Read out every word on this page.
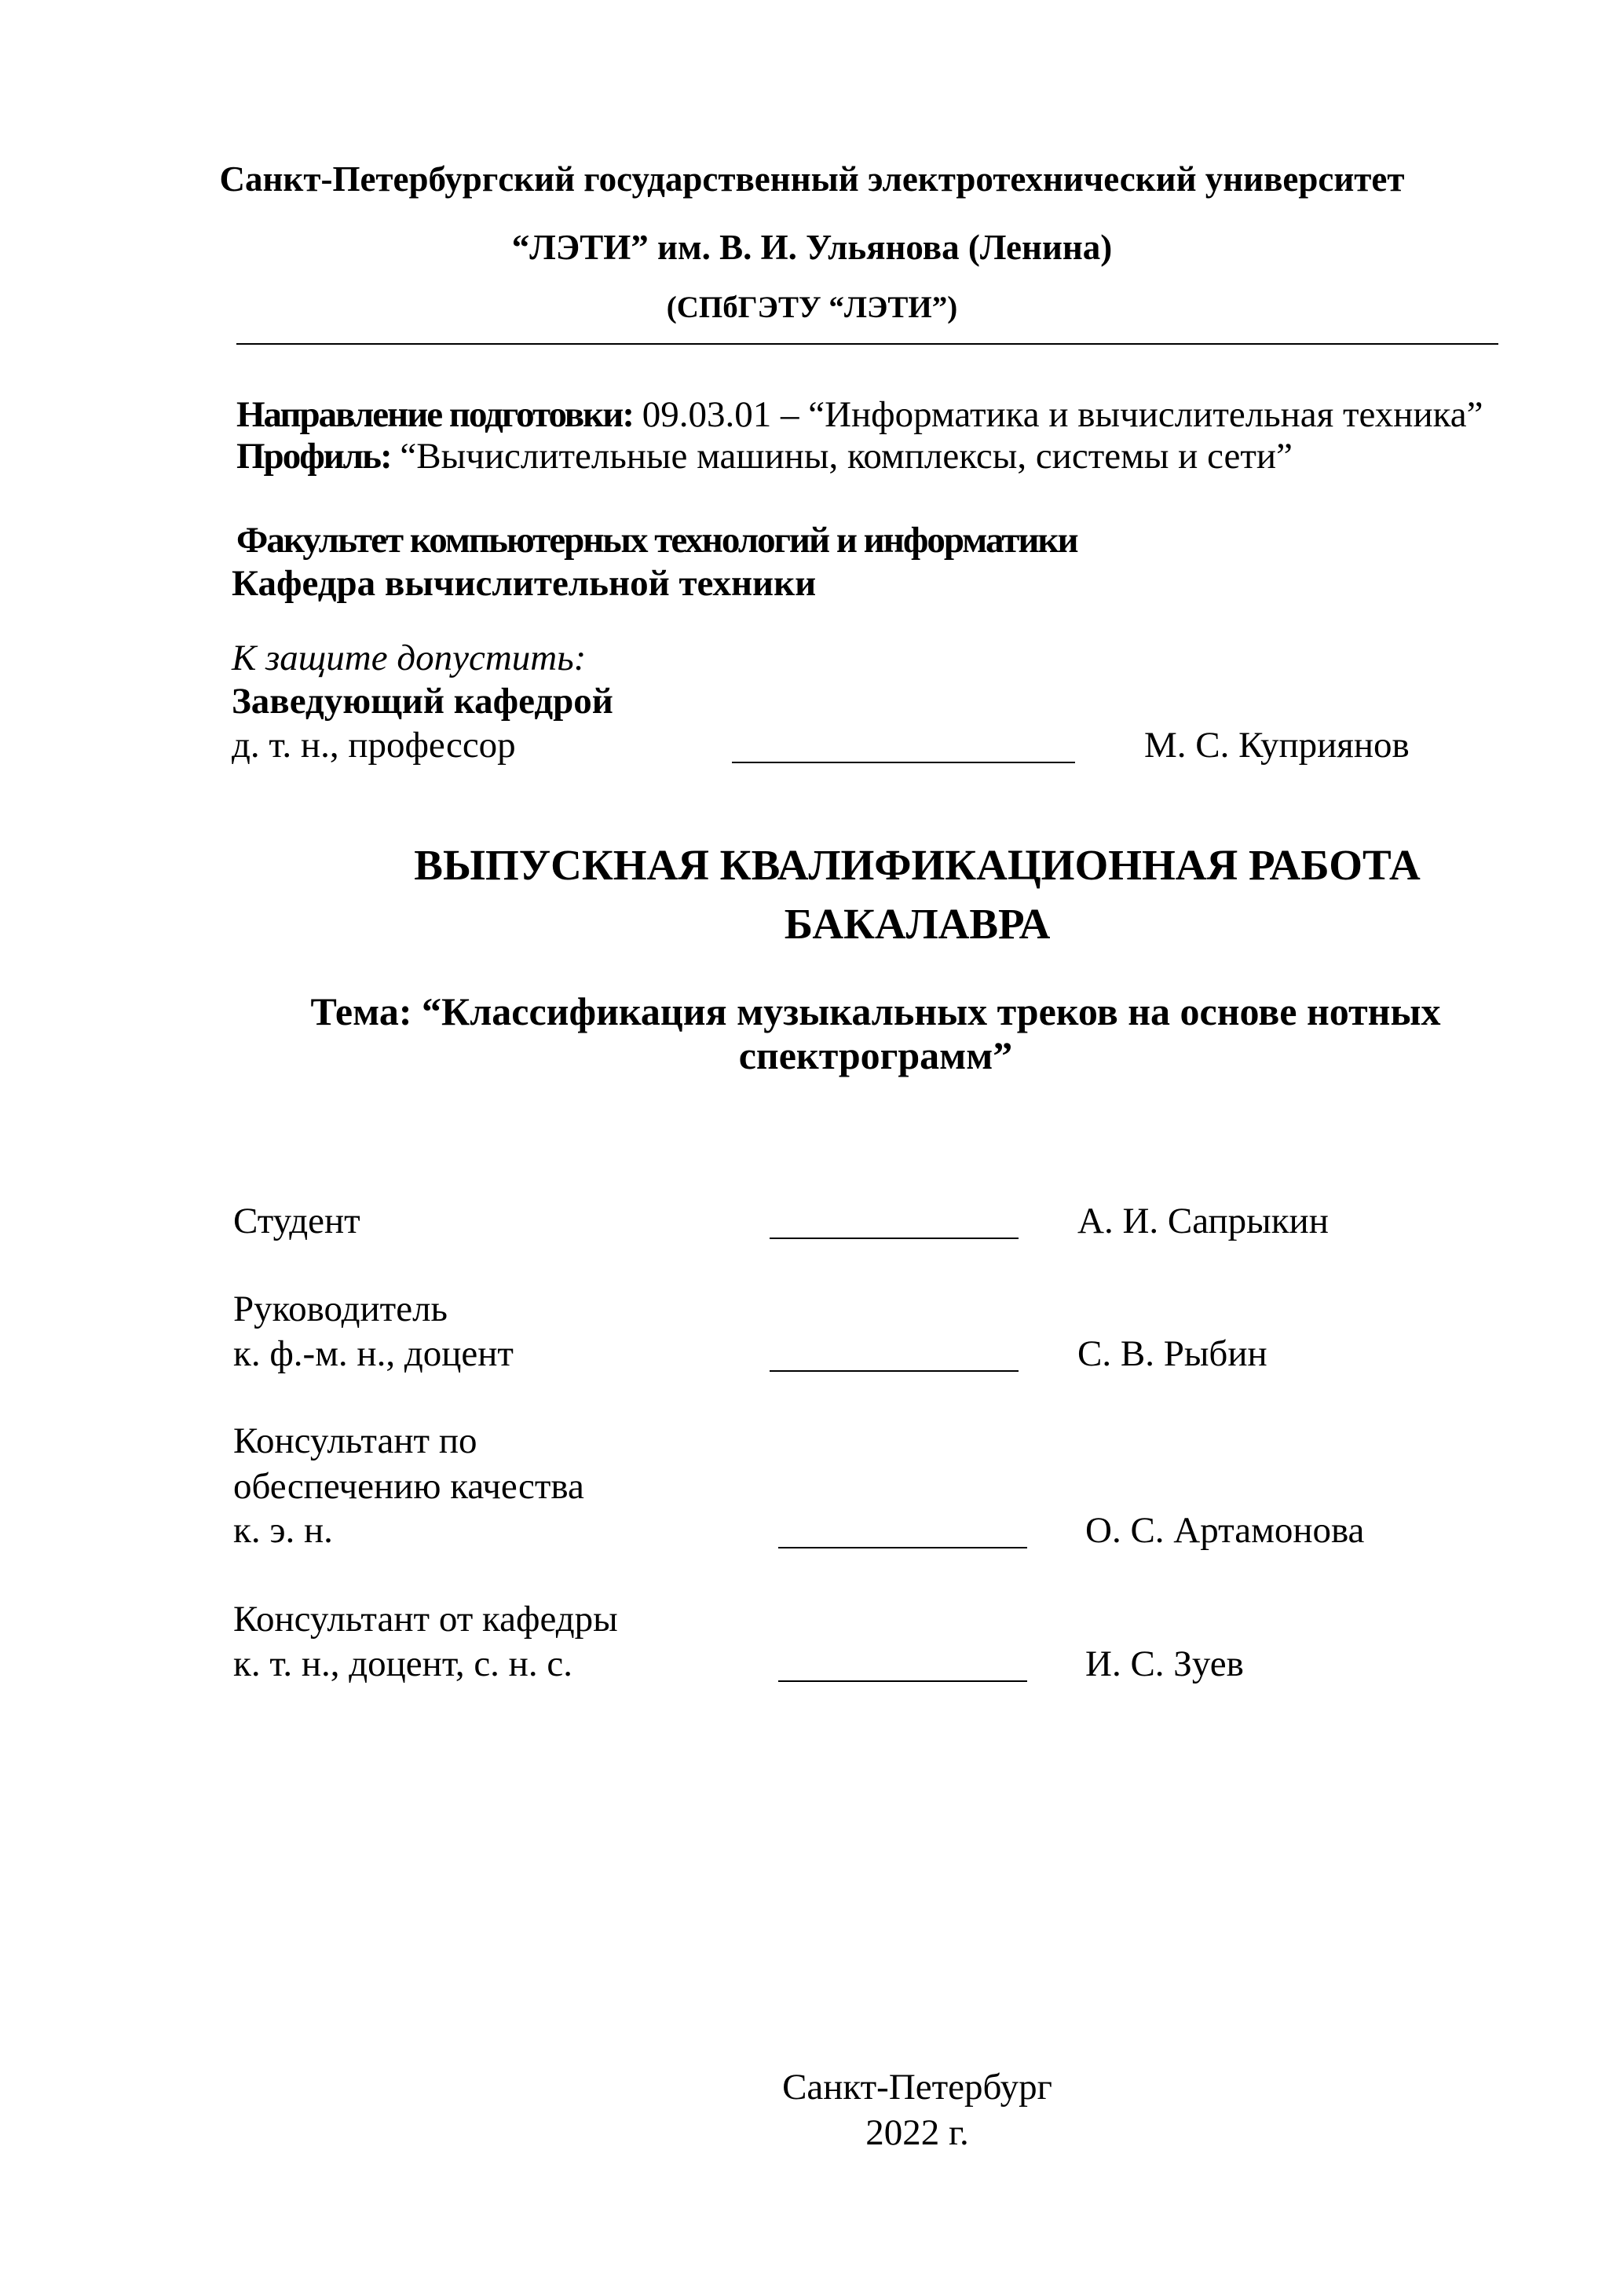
Санкт-Петербургский государственный электротехнический университет
“ЛЭТИ” им. В. И. Ульянова (Ленина)
(СПбГЭТУ “ЛЭТИ”)
Направление подготовки: 09.03.01 – “Информатика и вычислительная техника”
Профиль: “Вычислительные машины, комплексы, системы и сети”
Факультет компьютерных технологий и информатики
Кафедра вычислительной техники
К защите допустить:
Заведующий кафедрой
д. т. н., профессор	М. С. Куприянов
ВЫПУСКНАЯ КВАЛИФИКАЦИОННАЯ РАБОТА
БАКАЛАВРА
Тема: “Классификация музыкальных треков на основе нотных
спектрограмм”
Студент	А. И. Сапрыкин
Руководитель
к. ф.-м. н., доцент	С. В. Рыбин
Консультант по
обеспечению качества
к. э. н.	О. С. Артамонова
Консультант от кафедры
к. т. н., доцент, с. н. с.	И. С. Зуев
Санкт-Петербург
2022 г.
